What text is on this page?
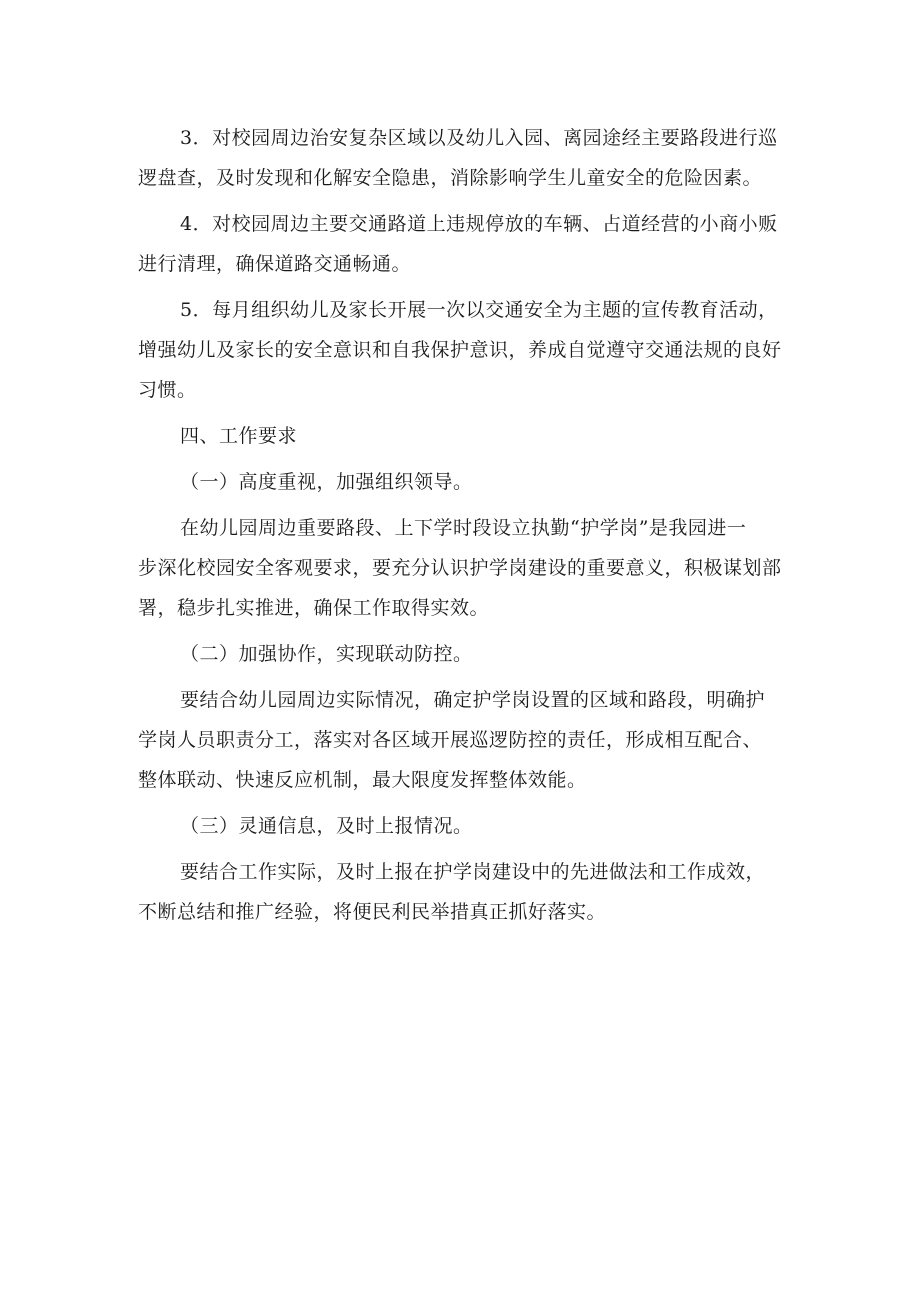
3．对校园周边治安复杂区域以及幼儿入园、离园途经主要路段进行巡
逻盘查，及时发现和化解安全隐患，消除影响学生儿童安全的危险因素。

4．对校园周边主要交通路道上违规停放的车辆、占道经营的小商小贩
进行清理，确保道路交通畅通。

5．每月组织幼儿及家长开展一次以交通安全为主题的宣传教育活动，
增强幼儿及家长的安全意识和自我保护意识，养成自觉遵守交通法规的良好
习惯。

四、工作要求

（一）高度重视，加强组织领导。

在幼儿园周边重要路段、上下学时段设立执勤“护学岗”是我园进一
步深化校园安全客观要求，要充分认识护学岗建设的重要意义，积极谋划部
署，稳步扎实推进，确保工作取得实效。

（二）加强协作，实现联动防控。

要结合幼儿园周边实际情况，确定护学岗设置的区域和路段，明确护
学岗人员职责分工，落实对各区域开展巡逻防控的责任，形成相互配合、
整体联动、快速反应机制，最大限度发挥整体效能。

（三）灵通信息，及时上报情况。

要结合工作实际，及时上报在护学岗建设中的先进做法和工作成效，
不断总结和推广经验，将便民利民举措真正抓好落实。
